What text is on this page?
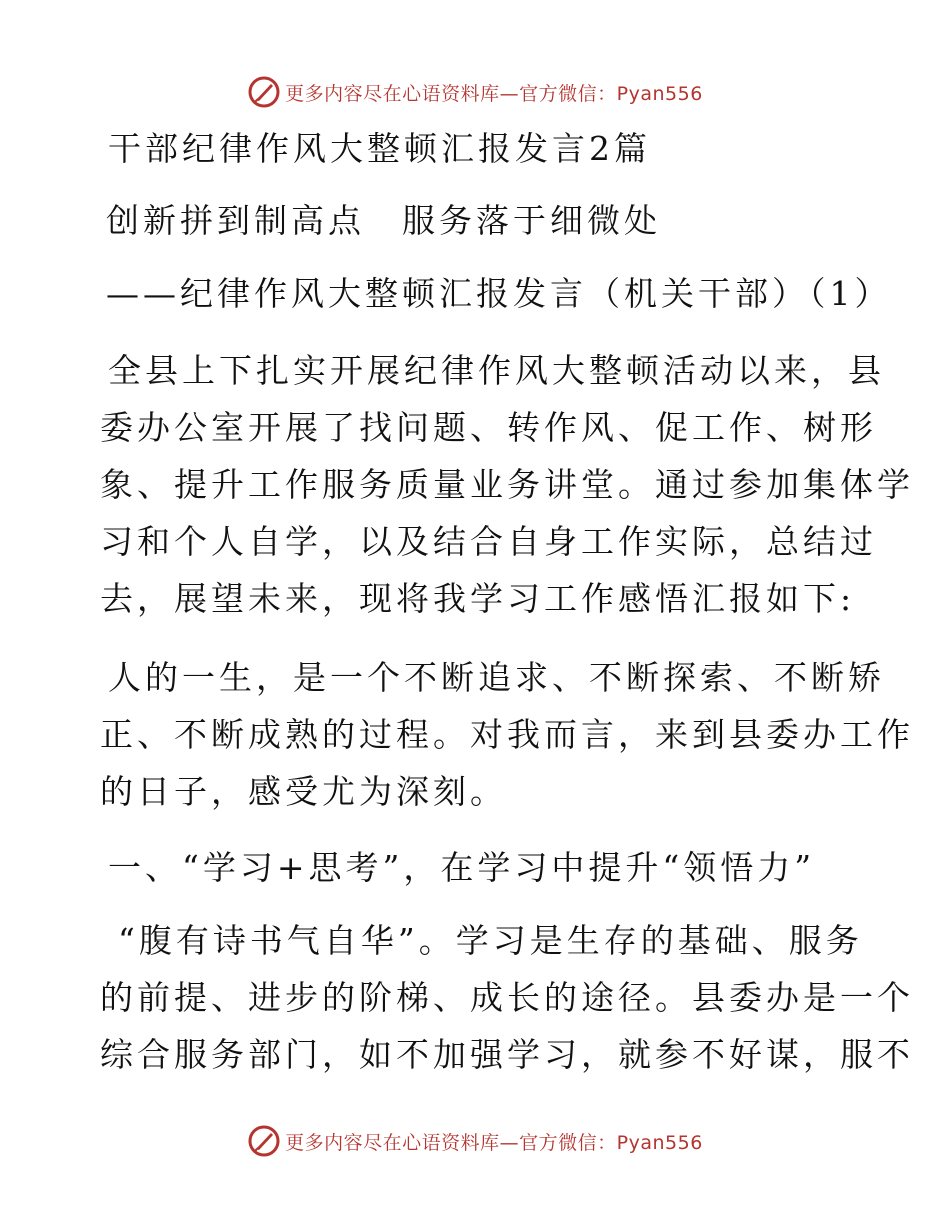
更多内容尽在心语资料库—官方微信：Pyan556
干部纪律作风大整顿汇报发言2篇
创新拼到制高点　服务落于细微处
——纪律作风大整顿汇报发言（机关干部）（1）
全县上下扎实开展纪律作风大整顿活动以来，县
委办公室开展了找问题、转作风、促工作、树形
象、提升工作服务质量业务讲堂。通过参加集体学
习和个人自学，以及结合自身工作实际，总结过
去，展望未来，现将我学习工作感悟汇报如下:
人的一生，是一个不断追求、不断探索、不断矫
正、不断成熟的过程。对我而言，来到县委办工作
的日子，感受尤为深刻。
一、“学习+思考”，在学习中提升“领悟力”
“腹有诗书气自华”。学习是生存的基础、服务
的前提、进步的阶梯、成长的途径。县委办是一个
综合服务部门，如不加强学习，就参不好谋，服不
更多内容尽在心语资料库—官方微信：Pyan556
